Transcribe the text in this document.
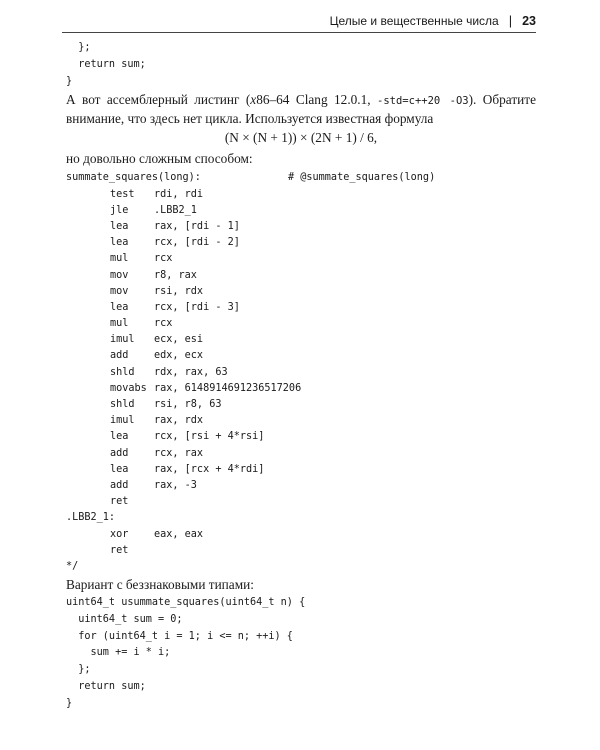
Целые и вещественные числа | 23
};
return sum;
}

А вот ассемблерный листинг (x86–64 Clang 12.0.1, -std=c++20 -O3). Обратите внимание, что здесь нет цикла. Используется известная формула

(N × (N + 1)) × (2N + 1) / 6,

но довольно сложным способом:

summate_squares(long):

	# @summate_squares(long)

test rdi, rdi
jle	.LBB2_1
lea	rax, [rdi - 1]
lea	rcx, [rdi - 2]
mul	rcx
mov	r8, rax
mov	rsi, rdx
lea	rcx, [rdi - 3]
mul	rcx
imul ecx, esi
add	edx, ecx
shld rdx, rax, 63
movabs rax, 6148914691236517206
shld rsi, r8, 63
imul rax, rdx
lea	rcx, [rsi + 4*rsi]
add	rcx, rax
lea	rax, [rcx + 4*rdi]
add	rax, -3
ret

.LBB2_1:

xor	eax, eax
ret

*/

Вариант с беззнаковыми типами:

uint64_t usummate_squares(uint64_t n) {
uint64_t sum = 0;
for (uint64_t i = 1; i <= n; ++i) {
sum += i * i;
};
return sum;
}
